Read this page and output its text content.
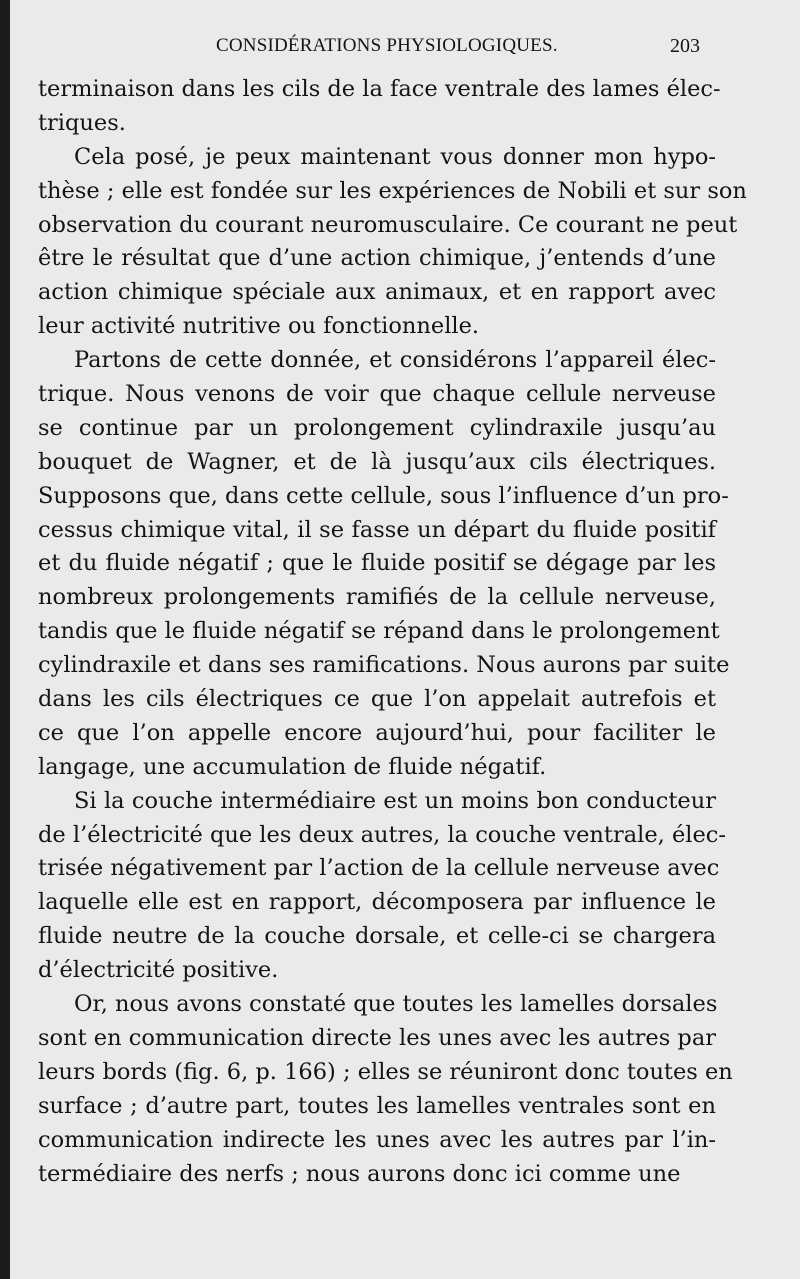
CONSIDÉRATIONS PHYSIOLOGIQUES.	203
terminaison dans les cils de la face ventrale des lames élec-
triques.
Cela posé, je peux maintenant vous donner mon hypo-
thèse ; elle est fondée sur les expériences de Nobili et sur son
observation du courant neuromusculaire. Ce courant ne peut
être le résultat que d’une action chimique, j’entends d’une
action chimique spéciale aux animaux, et en rapport avec
leur activité nutritive ou fonctionnelle.
Partons de cette donnée, et considérons l’appareil élec-
trique. Nous venons de voir que chaque cellule nerveuse
se continue par un prolongement cylindraxile jusqu’au
bouquet de Wagner, et de là jusqu’aux cils électriques.
Supposons que, dans cette cellule, sous l’influence d’un pro-
cessus chimique vital, il se fasse un départ du fluide positif
et du fluide négatif ; que le fluide positif se dégage par les
nombreux prolongements ramifiés de la cellule nerveuse,
tandis que le fluide négatif se répand dans le prolongement
cylindraxile et dans ses ramifications. Nous aurons par suite
dans les cils électriques ce que l’on appelait autrefois et
ce que l’on appelle encore aujourd’hui, pour faciliter le
langage, une accumulation de fluide négatif.
Si la couche intermédiaire est un moins bon conducteur
de l’électricité que les deux autres, la couche ventrale, élec-
trisée négativement par l’action de la cellule nerveuse avec
laquelle elle est en rapport, décomposera par influence le
fluide neutre de la couche dorsale, et celle-ci se chargera
d’électricité positive.
Or, nous avons constaté que toutes les lamelles dorsales
sont en communication directe les unes avec les autres par
leurs bords (fig. 6, p. 166) ; elles se réuniront donc toutes en
surface ; d’autre part, toutes les lamelles ventrales sont en
communication indirecte les unes avec les autres par l’in-
termédiaire des nerfs ; nous aurons donc ici comme une
